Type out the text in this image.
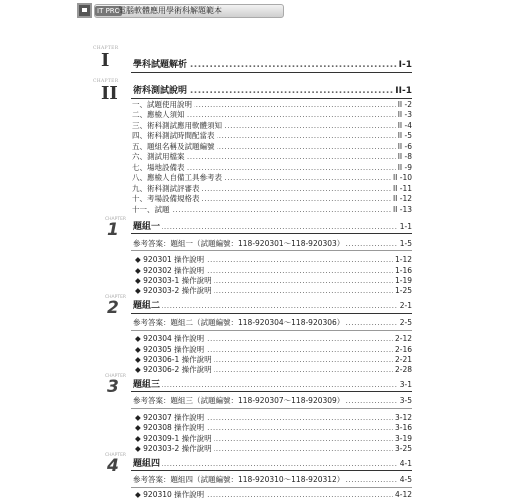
IT PRO
電腦軟體應用學術科解題範本
CHAPTER
I
CHAPTER
II
CHAPTER
1
CHAPTER
2
CHAPTER
3
CHAPTER
4
學科試題解析 .....	I-1
術科測試說明 .....	II-1
一、試題使用說明 .....	II -2
二、應檢人須知 .....	II -3
三、術科測試應用軟體須知 .....	II -4
四、術科測試時間配當表 .....	II -5
五、題組名稱及試題編號 .....	II -6
六、測試用檔案 .....	II -8
七、場地設備表 .....	II -9
八、應檢人自備工具參考表 .....	II -10
九、術科測試評審表 .....	II -11
十、考場設備規格表 .....	II -12
十一、試題 .....	II -13
題組一 .....	1-1
參考答案：題組一（試題編號：118-920301～118-920303） .....	1-5
◆ 920301 操作說明 .....	1-12
◆ 920302 操作說明 .....	1-16
◆ 920303-1 操作說明 .....	1-19
◆ 920303-2 操作說明 .....	1-25
題組二 .....	2-1
參考答案：題組二（試題編號：118-920304～118-920306） .....	2-5
◆ 920304 操作說明 .....	2-12
◆ 920305 操作說明 .....	2-16
◆ 920306-1 操作說明 .....	2-21
◆ 920306-2 操作說明 .....	2-28
題組三 .....	3-1
參考答案：題組三（試題編號：118-920307～118-920309） .....	3-5
◆ 920307 操作說明 .....	3-12
◆ 920308 操作說明 .....	3-16
◆ 920309-1 操作說明 .....	3-19
◆ 920303-2 操作說明 .....	3-25
題組四 .....	4-1
參考答案：題組四（試題編號：118-920310～118-920312） .....	4-5
◆ 920310 操作說明 .....	4-12
